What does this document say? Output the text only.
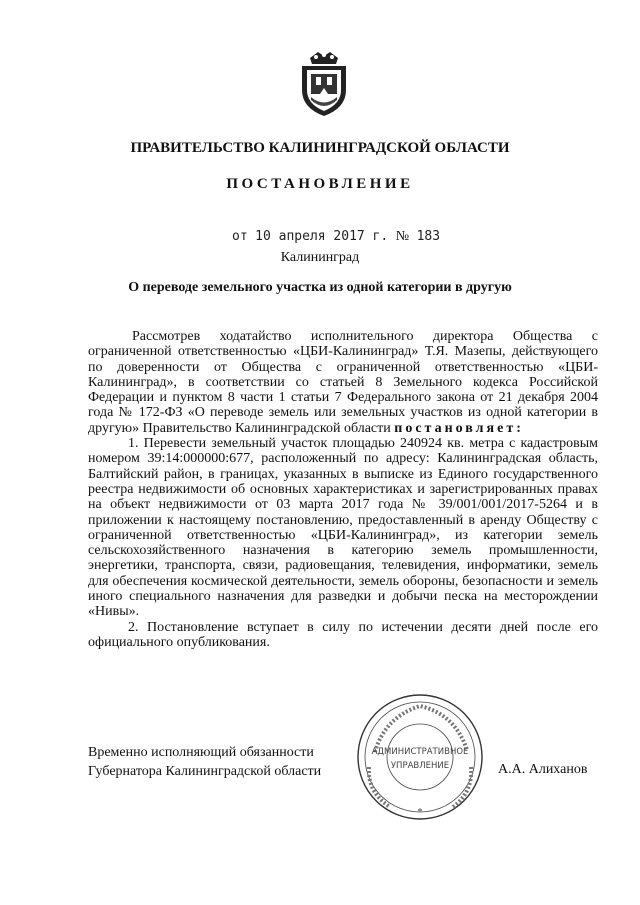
ПРАВИТЕЛЬСТВО КАЛИНИНГРАДСКОЙ ОБЛАСТИ
ПОСТАНОВЛЕНИЕ
от 10 апреля 2017 г. № 183
Калининград
О переводе земельного участка из одной категории в другую

Рассмотрев ходатайство исполнительного директора Общества с ограниченной ответственностью «ЦБИ-Калининград» Т.Я. Мазепы, действующего по доверенности от Общества с ограниченной ответственностью «ЦБИ-Калининград», в соответствии со статьей 8 Земельного кодекса Российской Федерации и пунктом 8 части 1 статьи 7 Федерального закона от 21 декабря 2004 года № 172-ФЗ «О переводе земель или земельных участков из одной категории в другую» Правительство Калининградской области постановляет:

1. Перевести земельный участок площадью 240924 кв. метра с кадастровым номером 39:14:000000:677, расположенный по адресу: Калининградская область, Балтийский район, в границах, указанных в выписке из Единого государственного реестра недвижимости об основных характеристиках и зарегистрированных правах на объект недвижимости от 03 марта 2017 года № 39/001/001/2017-5264 и в приложении к настоящему постановлению, предоставленный в аренду Обществу с ограниченной ответственностью «ЦБИ-Калининград», из категории земель сельскохозяйственного назначения в категорию земель промышленности, энергетики, транспорта, связи, радиовещания, телевидения, информатики, земель для обеспечения космической деятельности, земель обороны, безопасности и земель иного специального назначения для разведки и добычи песка на месторождении «Нивы».

2. Постановление вступает в силу по истечении десяти дней после его официального опубликования.

Временно исполняющий обязанности
Губернатора Калининградской области
АДМИНИСТРАТИВНОЕ
УПРАВЛЕНИЕ
*
А.А. Алиханов
